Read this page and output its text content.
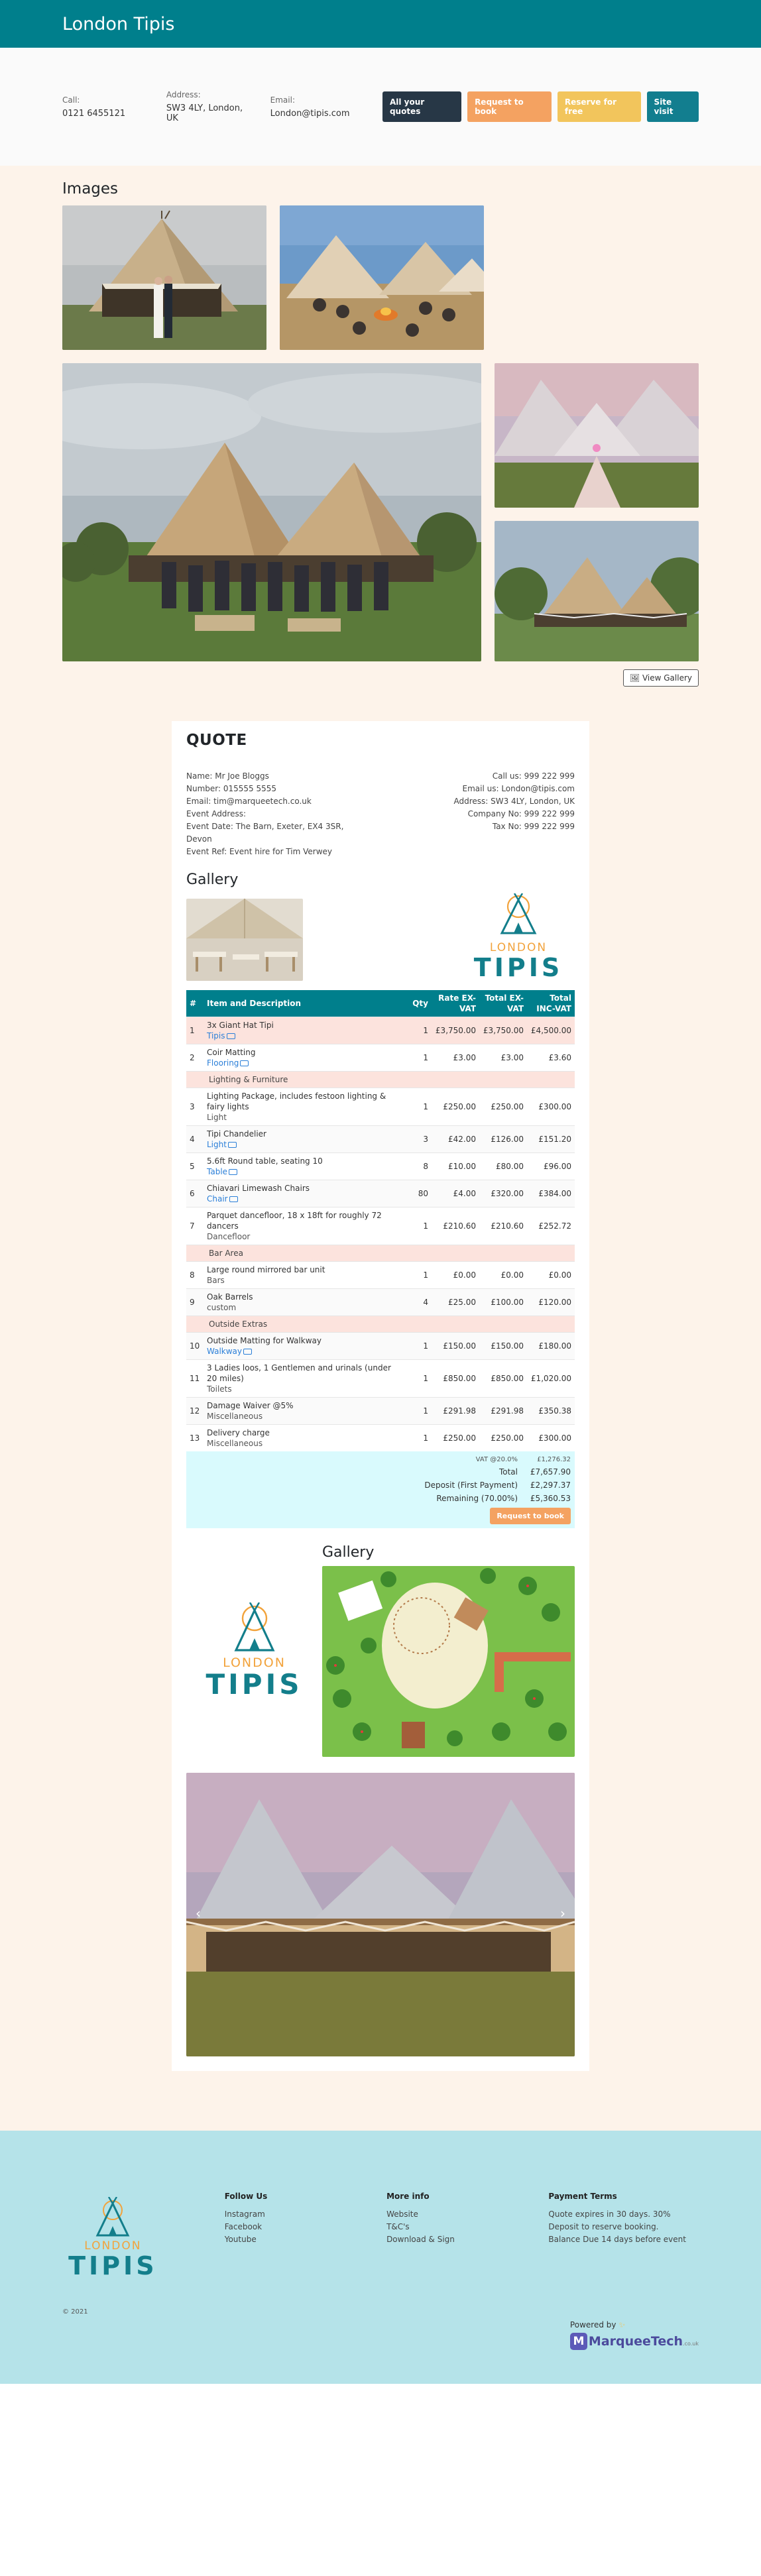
London Tipis
Call:
0121 6455121
Address:
SW3 4LY, London, UK
Email:
London@tipis.com
All your quotes
Request to book
Reserve for free
Site visit
Images
🖼︎ View Gallery
QUOTE
Name: Mr Joe Bloggs
Number: 015555 5555
Email: tim@marqueetech.co.uk
Event Address:
Event Date: The Barn, Exeter, EX4 3SR,
Devon
Event Ref: Event hire for Tim Verwey
Call us: 999 222 999
Email us: London@tipis.com
Address: SW3 4LY, London, UK
Company No: 999 222 999
Tax No: 999 222 999
Gallery
LONDON
TIPIS
#	Item and Description	Qty	Rate EX-VAT	Total EX-VAT	Total INC-VAT
1	3x Giant Hat Tipi
Tipis	1	£3,750.00	£3,750.00	£4,500.00
2	Coir Matting
Flooring	1	£3.00	£3.00	£3.60
Lighting & Furniture					
3	Lighting Package, includes festoon lighting & fairy lights
Light	1	£250.00	£250.00	£300.00
4	Tipi Chandelier
Light	3	£42.00	£126.00	£151.20
5	5.6ft Round table, seating 10
Table	8	£10.00	£80.00	£96.00
6	Chiavari Limewash Chairs
Chair	80	£4.00	£320.00	£384.00
7	Parquet dancefloor, 18 x 18ft for roughly 72 dancers
Dancefloor	1	£210.60	£210.60	£252.72
Bar Area					
8	Large round mirrored bar unit
Bars	1	£0.00	£0.00	£0.00
9	Oak Barrels
custom	4	£25.00	£100.00	£120.00
Outside Extras					
10	Outside Matting for Walkway
Walkway	1	£150.00	£150.00	£180.00
11	3 Ladies loos, 1 Gentlemen and urinals (under 20 miles)
Toilets	1	£850.00	£850.00	£1,020.00
12	Damage Waiver @5%
Miscellaneous	1	£291.98	£291.98	£350.38
13	Delivery charge
Miscellaneous	1	£250.00	£250.00	£300.00
VAT @20.0%	£1,276.32
Total	£7,657.90
Deposit (First Payment)	£2,297.37
Remaining (70.00%)	£5,360.53
Request to book
LONDON
TIPIS
Gallery
‹	›
LONDON
TIPIS
Follow Us
Instagram
Facebook
Youtube
More info
Website
T&C's
Download & Sign
Payment Terms
Quote expires in 30 days. 30%
Deposit to reserve booking.
Balance Due 14 days before event
© 2021
Powered by ✨︎
M MarqueeTech.co.uk
